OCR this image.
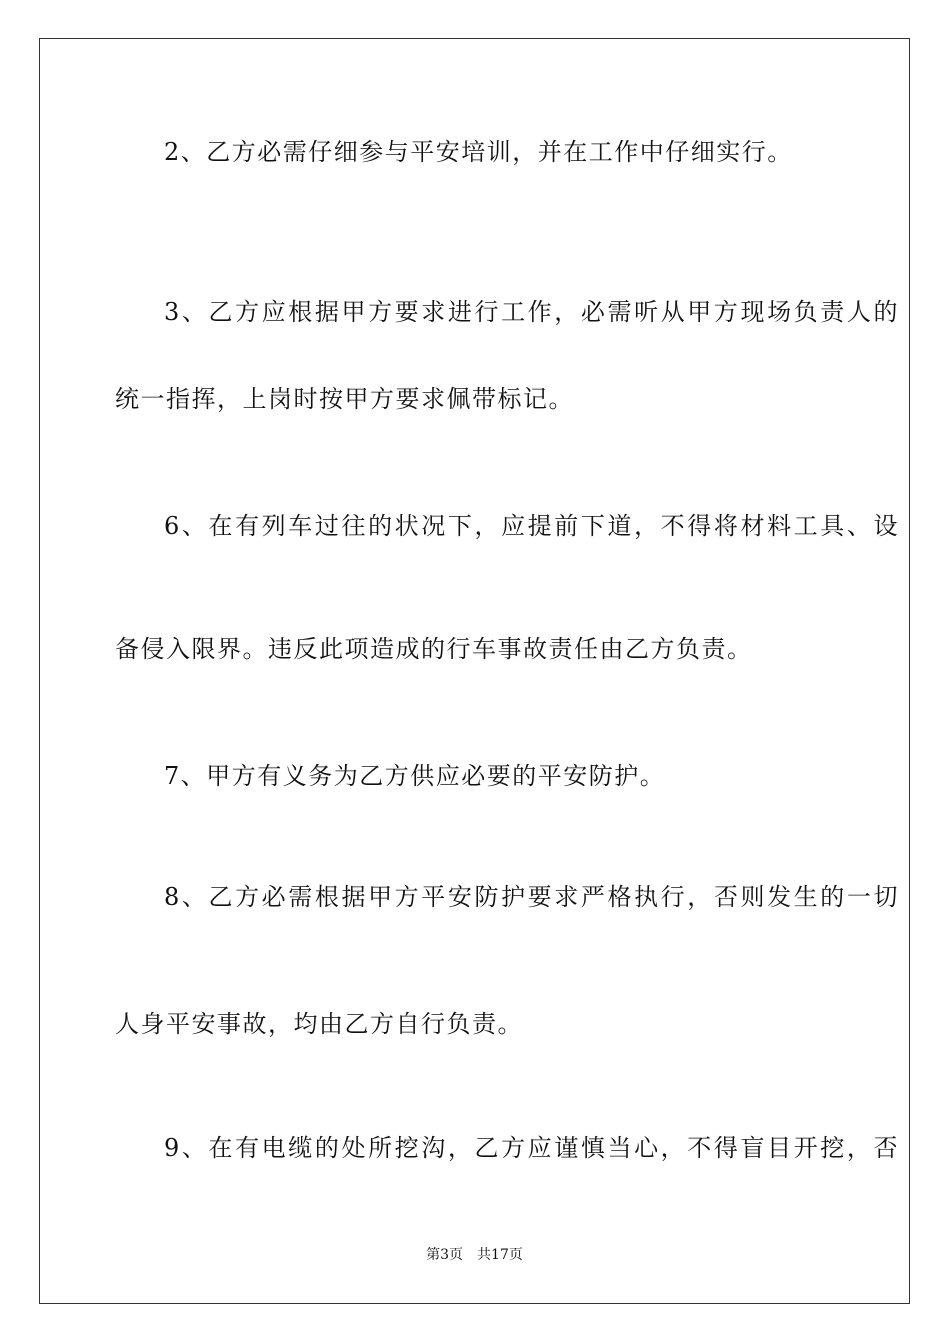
2、乙方必需仔细参与平安培训，并在工作中仔细实行。
3、乙方应根据甲方要求进行工作，必需听从甲方现场负责人的
统一指挥，上岗时按甲方要求佩带标记。
6、在有列车过往的状况下，应提前下道，不得将材料工具、设
备侵入限界。违反此项造成的行车事故责任由乙方负责。
7、甲方有义务为乙方供应必要的平安防护。
8、乙方必需根据甲方平安防护要求严格执行，否则发生的一切
人身平安事故，均由乙方自行负责。
9、在有电缆的处所挖沟，乙方应谨慎当心，不得盲目开挖，否
第3页 共17页
